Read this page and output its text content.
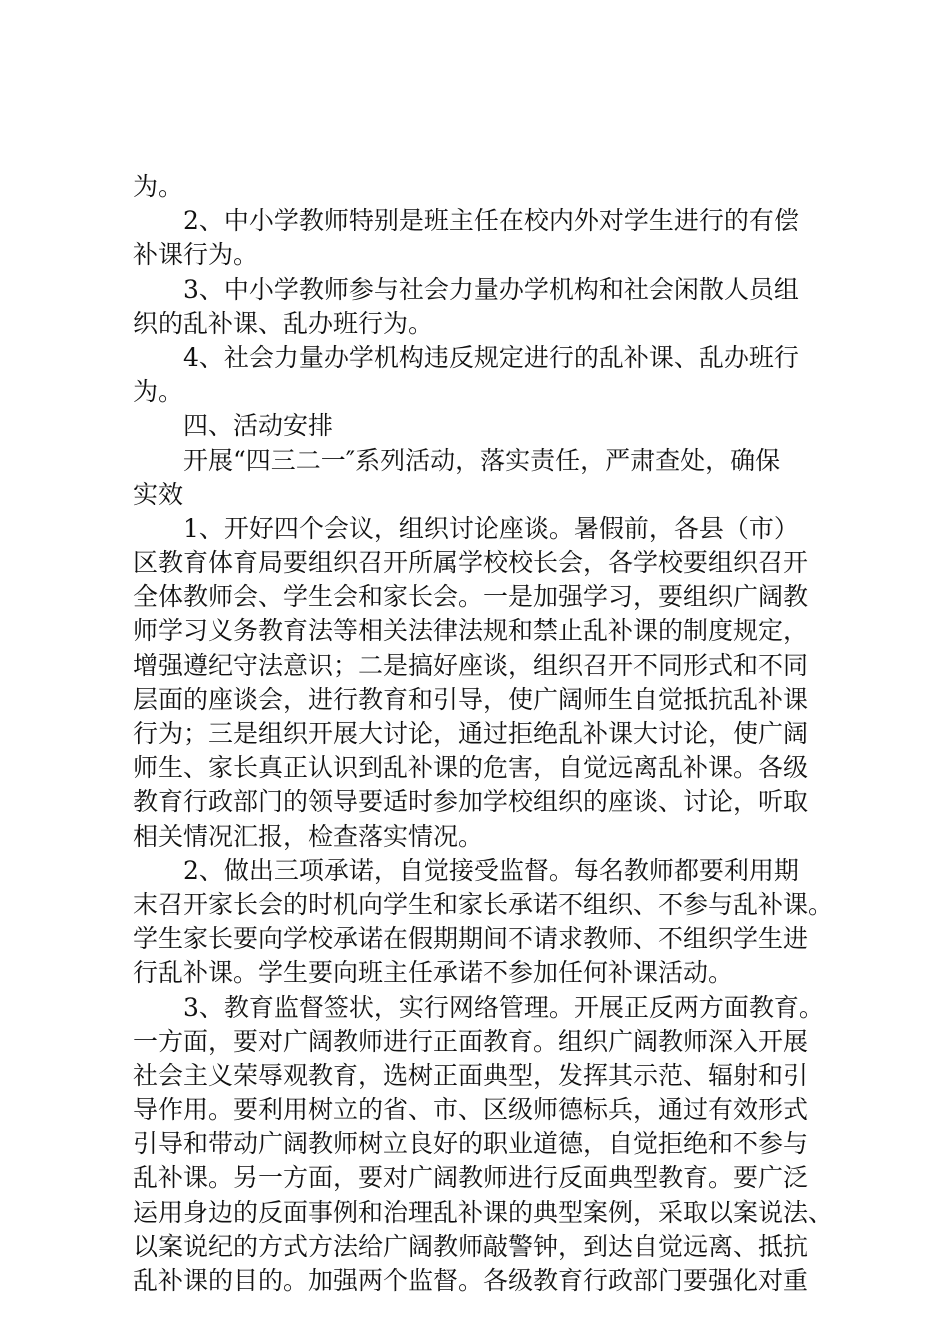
为。
2、中小学教师特别是班主任在校内外对学生进行的有偿
补课行为。
3、中小学教师参与社会力量办学机构和社会闲散人员组
织的乱补课、乱办班行为。
4、社会力量办学机构违反规定进行的乱补课、乱办班行
为。
四、活动安排
开展“四三二一″系列活动，落实责任，严肃查处，确保
实效
1、开好四个会议，组织讨论座谈。暑假前，各县（市）
区教育体育局要组织召开所属学校校长会，各学校要组织召开
全体教师会、学生会和家长会。一是加强学习，要组织广阔教
师学习义务教育法等相关法律法规和禁止乱补课的制度规定，
增强遵纪守法意识；二是搞好座谈，组织召开不同形式和不同
层面的座谈会，进行教育和引导，使广阔师生自觉抵抗乱补课
行为；三是组织开展大讨论，通过拒绝乱补课大讨论，使广阔
师生、家长真正认识到乱补课的危害，自觉远离乱补课。各级
教育行政部门的领导要适时参加学校组织的座谈、讨论，听取
相关情况汇报，检查落实情况。
2、做出三项承诺，自觉接受监督。每名教师都要利用期
末召开家长会的时机向学生和家长承诺不组织、不参与乱补课。
学生家长要向学校承诺在假期期间不请求教师、不组织学生进
行乱补课。学生要向班主任承诺不参加任何补课活动。
3、教育监督签状，实行网络管理。开展正反两方面教育。
一方面，要对广阔教师进行正面教育。组织广阔教师深入开展
社会主义荣辱观教育，选树正面典型，发挥其示范、辐射和引
导作用。要利用树立的省、市、区级师德标兵，通过有效形式
引导和带动广阔教师树立良好的职业道德，自觉拒绝和不参与
乱补课。另一方面，要对广阔教师进行反面典型教育。要广泛
运用身边的反面事例和治理乱补课的典型案例，采取以案说法、
以案说纪的方式方法给广阔教师敲警钟，到达自觉远离、抵抗
乱补课的目的。加强两个监督。各级教育行政部门要强化对重
